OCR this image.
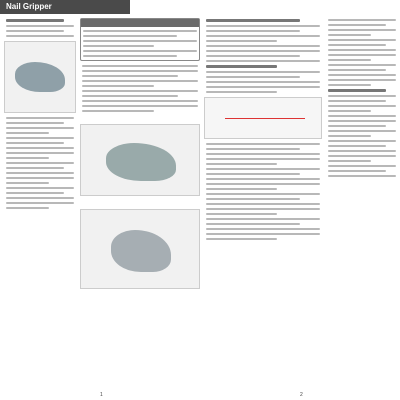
Nail Gripper
1	2
